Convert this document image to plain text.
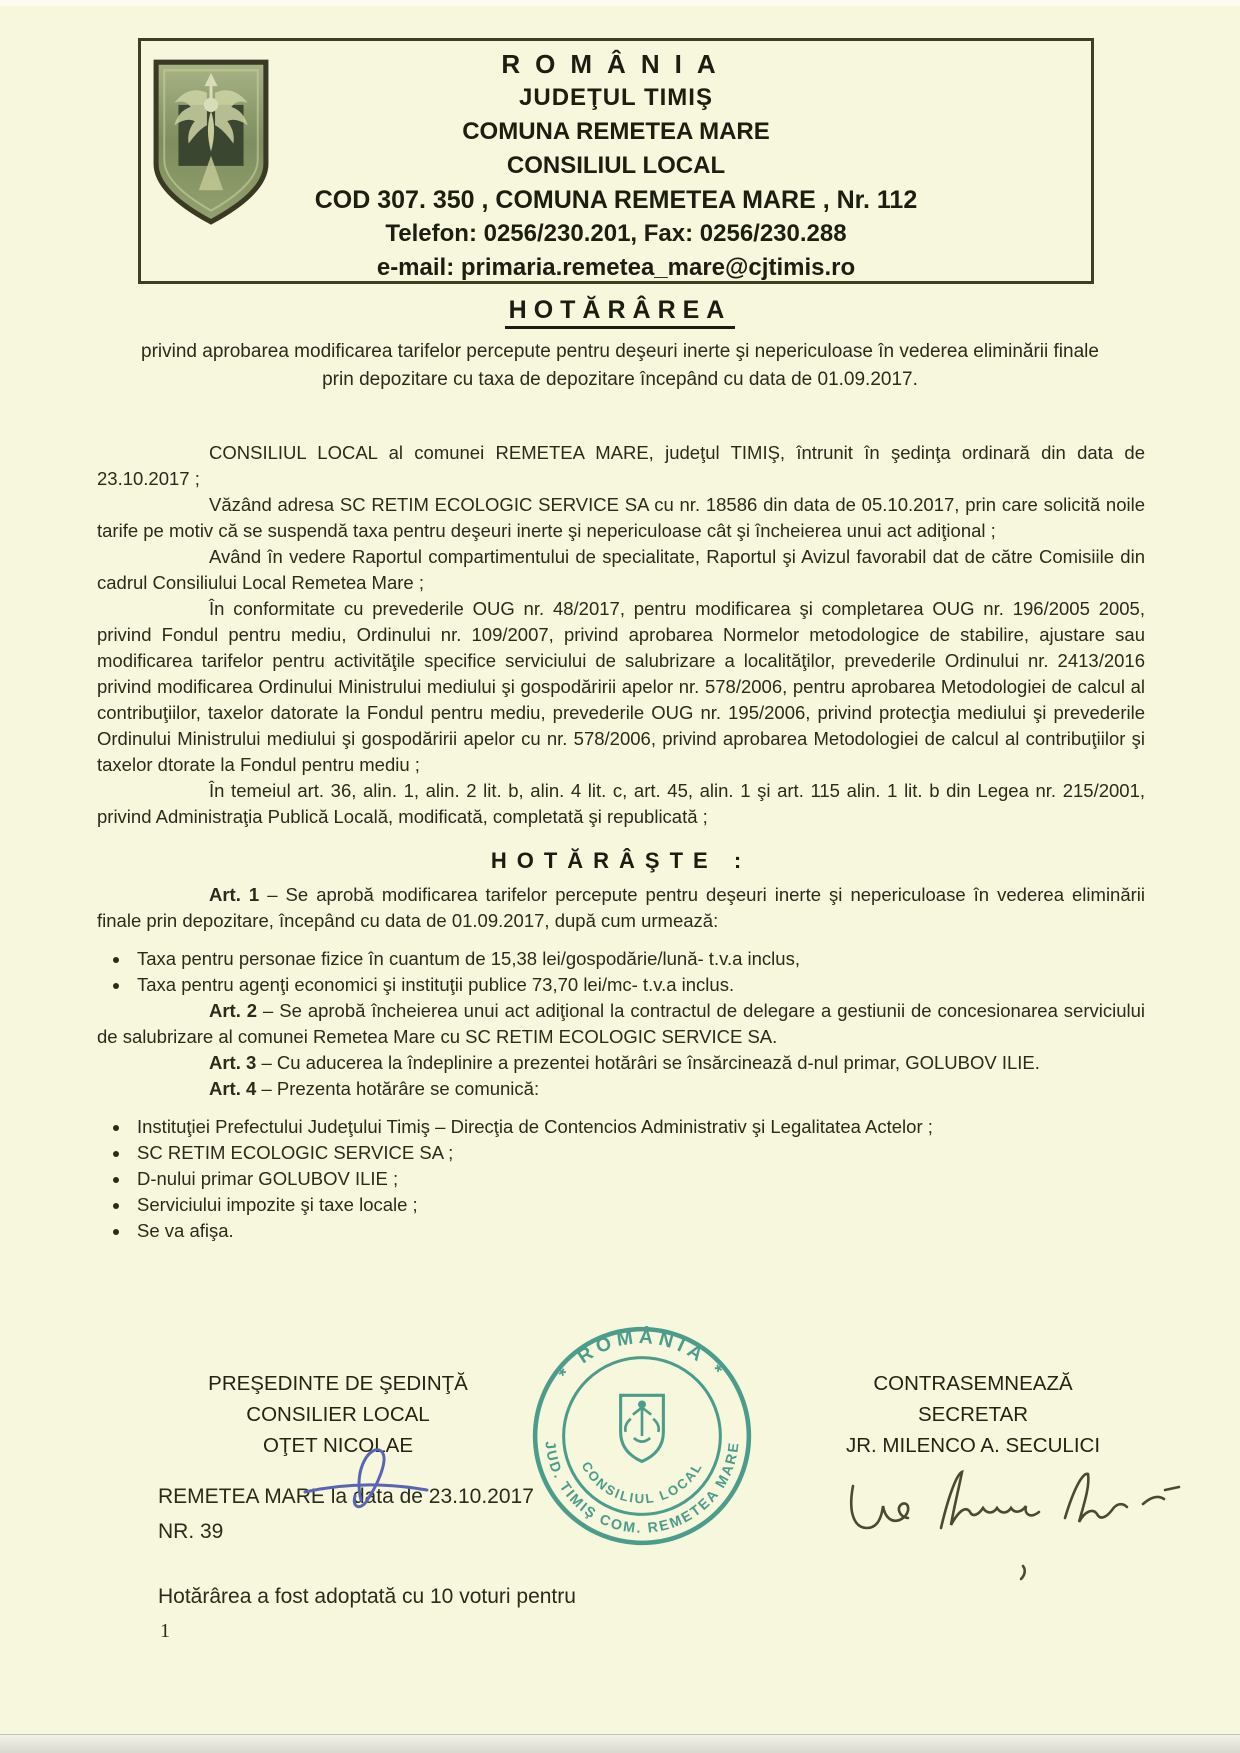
ROMÂNIA
JUDEŢUL TIMIŞ
COMUNA REMETEA MARE
CONSILIUL LOCAL
COD 307. 350 , COMUNA REMETEA MARE , Nr. 112
Telefon: 0256/230.201, Fax: 0256/230.288
e-mail: primaria.remetea_mare@cjtimis.ro
HOTĂRÂREA
privind aprobarea modificarea tarifelor percepute pentru deşeuri inerte şi nepericuloase în vederea eliminării finale prin depozitare cu taxa de depozitare începând cu data de 01.09.2017.

CONSILIUL LOCAL al comunei REMETEA MARE, judeţul TIMIŞ, întrunit în şedinţa ordinară din data de 23.10.2017 ;

Văzând adresa SC RETIM ECOLOGIC SERVICE SA cu nr. 18586 din data de 05.10.2017, prin care solicită noile tarife pe motiv că se suspendă taxa pentru deşeuri inerte şi nepericuloase cât şi încheierea unui act adiţional ;

Având în vedere Raportul compartimentului de specialitate, Raportul şi Avizul favorabil dat de către Comisiile din cadrul Consiliului Local Remetea Mare ;

În conformitate cu prevederile OUG nr. 48/2017, pentru modificarea şi completarea OUG nr. 196/2005 2005, privind Fondul pentru mediu, Ordinului nr. 109/2007, privind aprobarea Normelor metodologice de stabilire, ajustare sau modificarea tarifelor pentru activităţile specifice serviciului de salubrizare a localităţilor, prevederile Ordinului nr. 2413/2016 privind modificarea Ordinului Ministrului mediului şi gospodăririi apelor nr. 578/2006, pentru aprobarea Metodologiei de calcul al contribuţiilor, taxelor datorate la Fondul pentru mediu, prevederile OUG nr. 195/2006, privind protecţia mediului şi prevederile Ordinului Ministrului mediului şi gospodăririi apelor cu nr. 578/2006, privind aprobarea Metodologiei de calcul al contribuţiilor şi taxelor dtorate la Fondul pentru mediu ;

În temeiul art. 36, alin. 1, alin. 2 lit. b, alin. 4 lit. c, art. 45, alin. 1 şi art. 115 alin. 1 lit. b din Legea nr. 215/2001, privind Administraţia Publică Locală, modificată, completată şi republicată ;

HOTĂRÂŞTE :

Art. 1 – Se aprobă modificarea tarifelor percepute pentru deşeuri inerte şi nepericuloase în vederea eliminării finale prin depozitare, începând cu data de 01.09.2017, după cum urmează:

• Taxa pentru personae fizice în cuantum de 15,38 lei/gospodărie/lună- t.v.a inclus,
• Taxa pentru agenţi economici şi instituţii publice 73,70 lei/mc- t.v.a inclus.

Art. 2 – Se aprobă încheierea unui act adiţional la contractul de delegare a gestiunii de concesionarea serviciului de salubrizare al comunei Remetea Mare cu SC RETIM ECOLOGIC SERVICE SA.

Art. 3 – Cu aducerea la îndeplinire a prezentei hotărâri se însărcinează d-nul primar, GOLUBOV ILIE.

Art. 4 – Prezenta hotărâre se comunică:

• Instituţiei Prefectului Judeţului Timiş – Direcţia de Contencios Administrativ şi Legalitatea Actelor ;
• SC RETIM ECOLOGIC SERVICE SA ;
• D-nului primar GOLUBOV ILIE ;
• Serviciului impozite şi taxe locale ;
• Se va afişa.
PREŞEDINTE DE ŞEDINŢĂ
CONSILIER LOCAL
OŢET NICOLAE
CONTRASEMNEAZĂ
SECRETAR
JR. MILENCO A. SECULICI
* ROMÂNIA *
JUD. TIMIŞ COM. REMETEA MARE
CONSILIUL LOCAL
REMETEA MARE la data de 23.10.2017
NR. 39
Hotărârea a fost adoptată cu 10 voturi pentru
1
